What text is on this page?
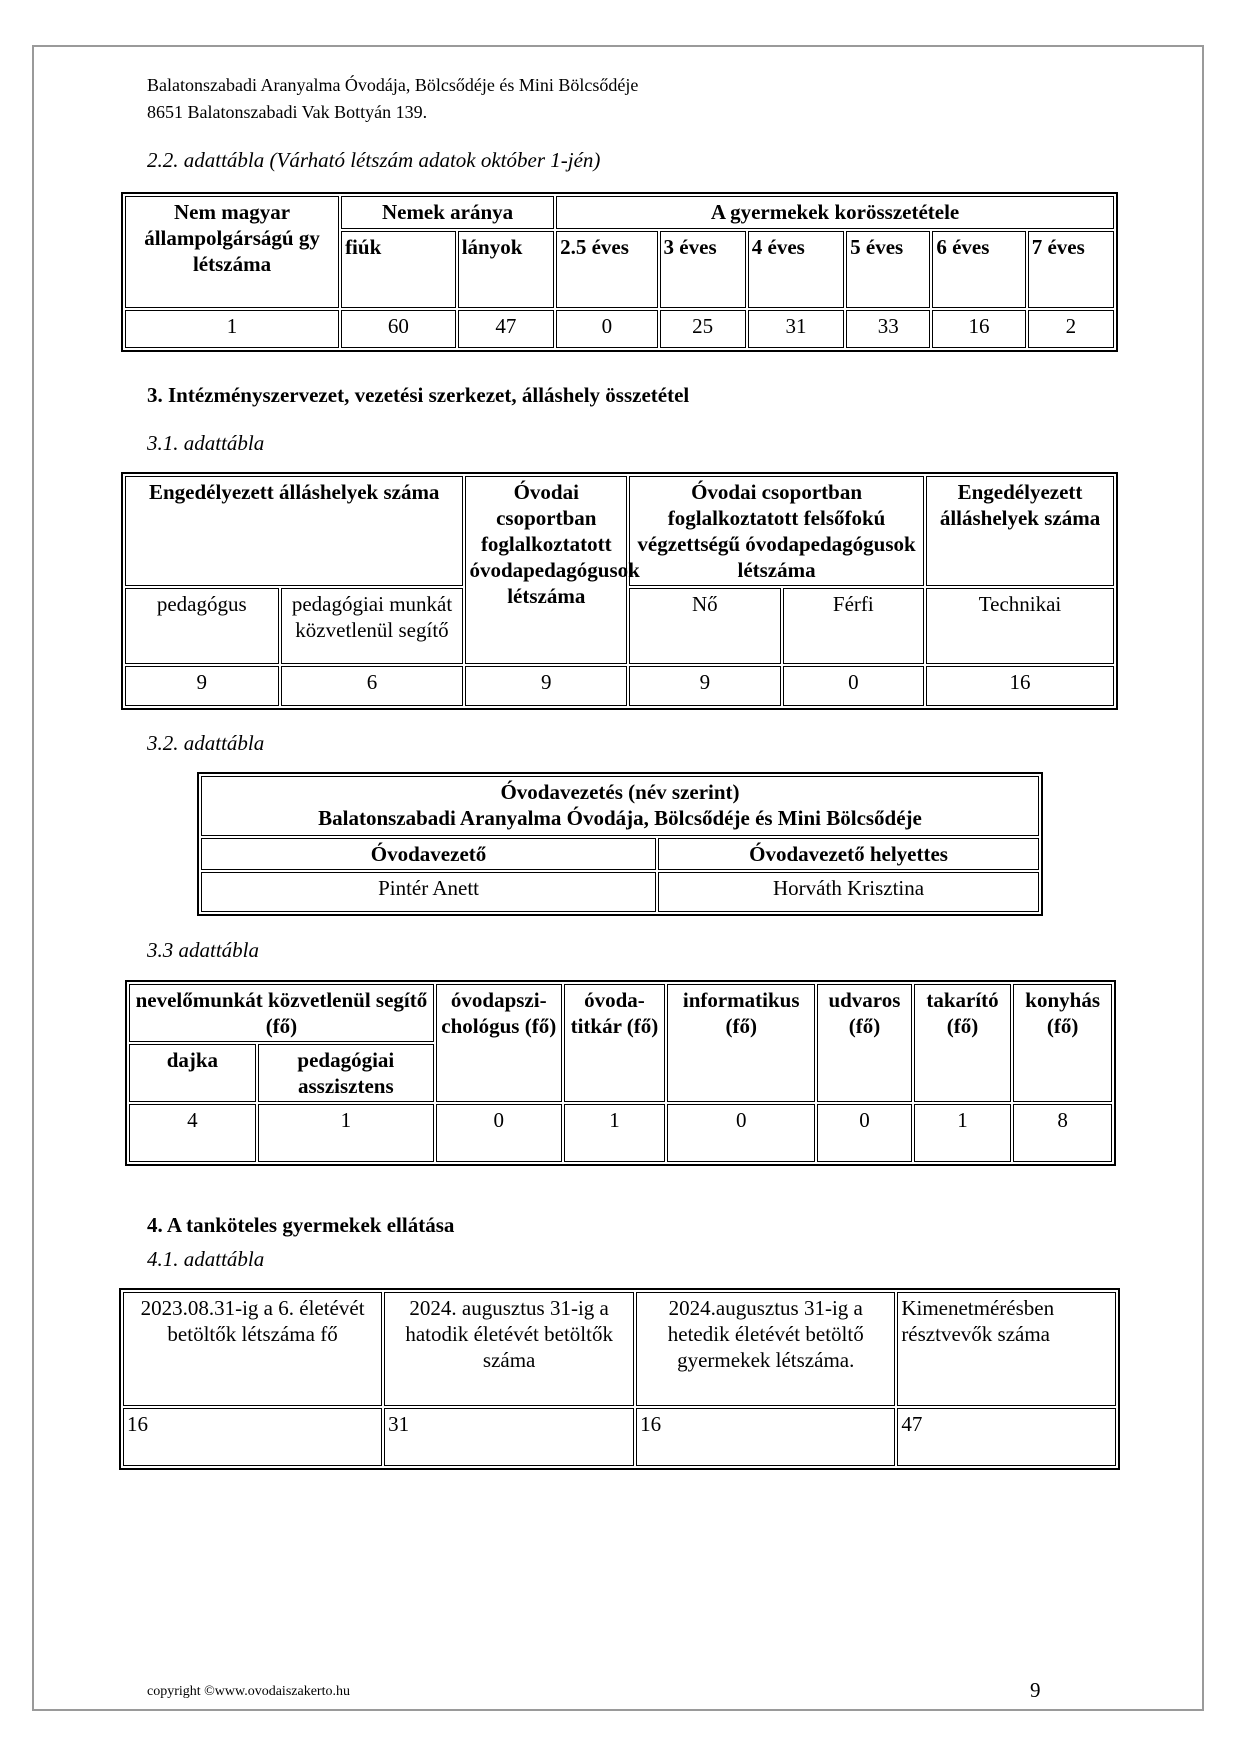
Balatonszabadi Aranyalma Óvodája, Bölcsődéje és Mini Bölcsődéje
8651 Balatonszabadi Vak Bottyán 139.
2.2. adattábla (Várható létszám adatok október 1-jén)
Nem magyar állampolgárságú gy létszáma	Nemek aránya		A gyermekek korösszetétele					
	fiúk	lányok	2.5 éves	3 éves	4 éves	5 éves	6 éves	7 éves
1	60	47	0	25	31	33	16	2
3. Intézményszervezet, vezetési szerkezet, álláshely összetétel
3.1. adattábla
Engedélyezett álláshelyek száma		Óvodai csoportban foglalkoztatott óvodapedagógusok létszáma	Óvodai csoportban foglalkoztatott felsőfokú végzettségű óvodapedagógusok létszáma		Engedélyezett álláshelyek száma
pedagógus	pedagógiai munkát közvetlenül segítő		Nő	Férfi	Technikai
9	6	9	9	0	16
3.2. adattábla
Óvodavezetés (név szerint)
Balatonszabadi Aranyalma Óvodája, Bölcsődéje és Mini Bölcsődéje	

Óvodavezető	Óvodavezető helyettes
Pintér Anett	Horváth Krisztina
3.3 adattábla
nevelőmunkát közvetlenül segítő (fő)		óvodapszi-chológus (fő)	óvoda-titkár (fő)	informatikus (fő)	udvaros (fő)	takarító (fő)	konyhás (fő)
dajka	pedagógiai asszisztens						
4	1	0	1	0	0	1	8
4. A tanköteles gyermekek ellátása
4.1. adattábla
2023.08.31-ig a 6. életévét betöltők létszáma fő	2024. augusztus 31-ig a hatodik életévét betöltők száma	2024.augusztus 31-ig a hetedik életévét betöltő gyermekek létszáma.	Kimenetmérésben résztvevők száma
16	31	16	47
copyright ©www.ovodaiszakerto.hu	9
